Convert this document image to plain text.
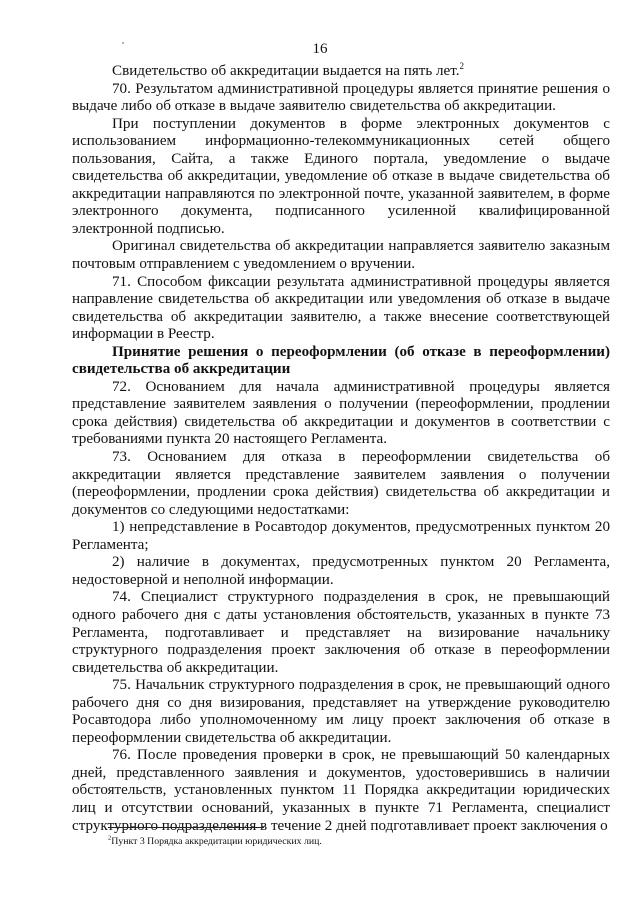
16

Свидетельство об аккредитации выдается на пять лет.$^2$

70. Результатом административной процедуры является принятие решения о выдаче либо об отказе в выдаче заявителю свидетельства об аккредитации.

При поступлении документов в форме электронных документов с использованием информационно-телекоммуникационных сетей общего пользования, Сайта, а также Единого портала, уведомление о выдаче свидетельства об аккредитации, уведомление об отказе в выдаче свидетельства об аккредитации направляются по электронной почте, указанной заявителем, в форме электронного документа, подписанного усиленной квалифицированной электронной подписью.

Оригинал свидетельства об аккредитации направляется заявителю заказным почтовым отправлением с уведомлением о вручении.

71. Способом фиксации результата административной процедуры является направление свидетельства об аккредитации или уведомления об отказе в выдаче свидетельства об аккредитации заявителю, а также внесение соответствующей информации в Реестр.

Принятие решения о переоформлении (об отказе в переоформлении) свидетельства об аккредитации

72. Основанием для начала административной процедуры является представление заявителем заявления о получении (переоформлении, продлении срока действия) свидетельства об аккредитации и документов в соответствии с требованиями пункта 20 настоящего Регламента.

73. Основанием для отказа в переоформлении свидетельства об аккредитации является представление заявителем заявления о получении (переоформлении, продлении срока действия) свидетельства об аккредитации и документов со следующими недостатками:

1) непредставление в Росавтодор документов, предусмотренных пунктом 20 Регламента;

2) наличие в документах, предусмотренных пунктом 20 Регламента, недостоверной и неполной информации.

74. Специалист структурного подразделения в срок, не превышающий одного рабочего дня с даты установления обстоятельств, указанных в пункте 73 Регламента, подготавливает и представляет на визирование начальнику структурного подразделения проект заключения об отказе в переоформлении свидетельства об аккредитации.

75. Начальник структурного подразделения в срок, не превышающий одного рабочего дня со дня визирования, представляет на утверждение руководителю Росавтодора либо уполномоченному им лицу проект заключения об отказе в переоформлении свидетельства об аккредитации.

76. После проведения проверки в срок, не превышающий 50 календарных дней, представленного заявления и документов, удостоверившись в наличии обстоятельств, установленных пунктом 11 Порядка аккредитации юридических лиц и отсутствии оснований, указанных в пункте 71 Регламента, специалист структурного подразделения в течение 2 дней подготавливает проект заключения о

$^2$Пункт 3 Порядка аккредитации юридических лиц.
